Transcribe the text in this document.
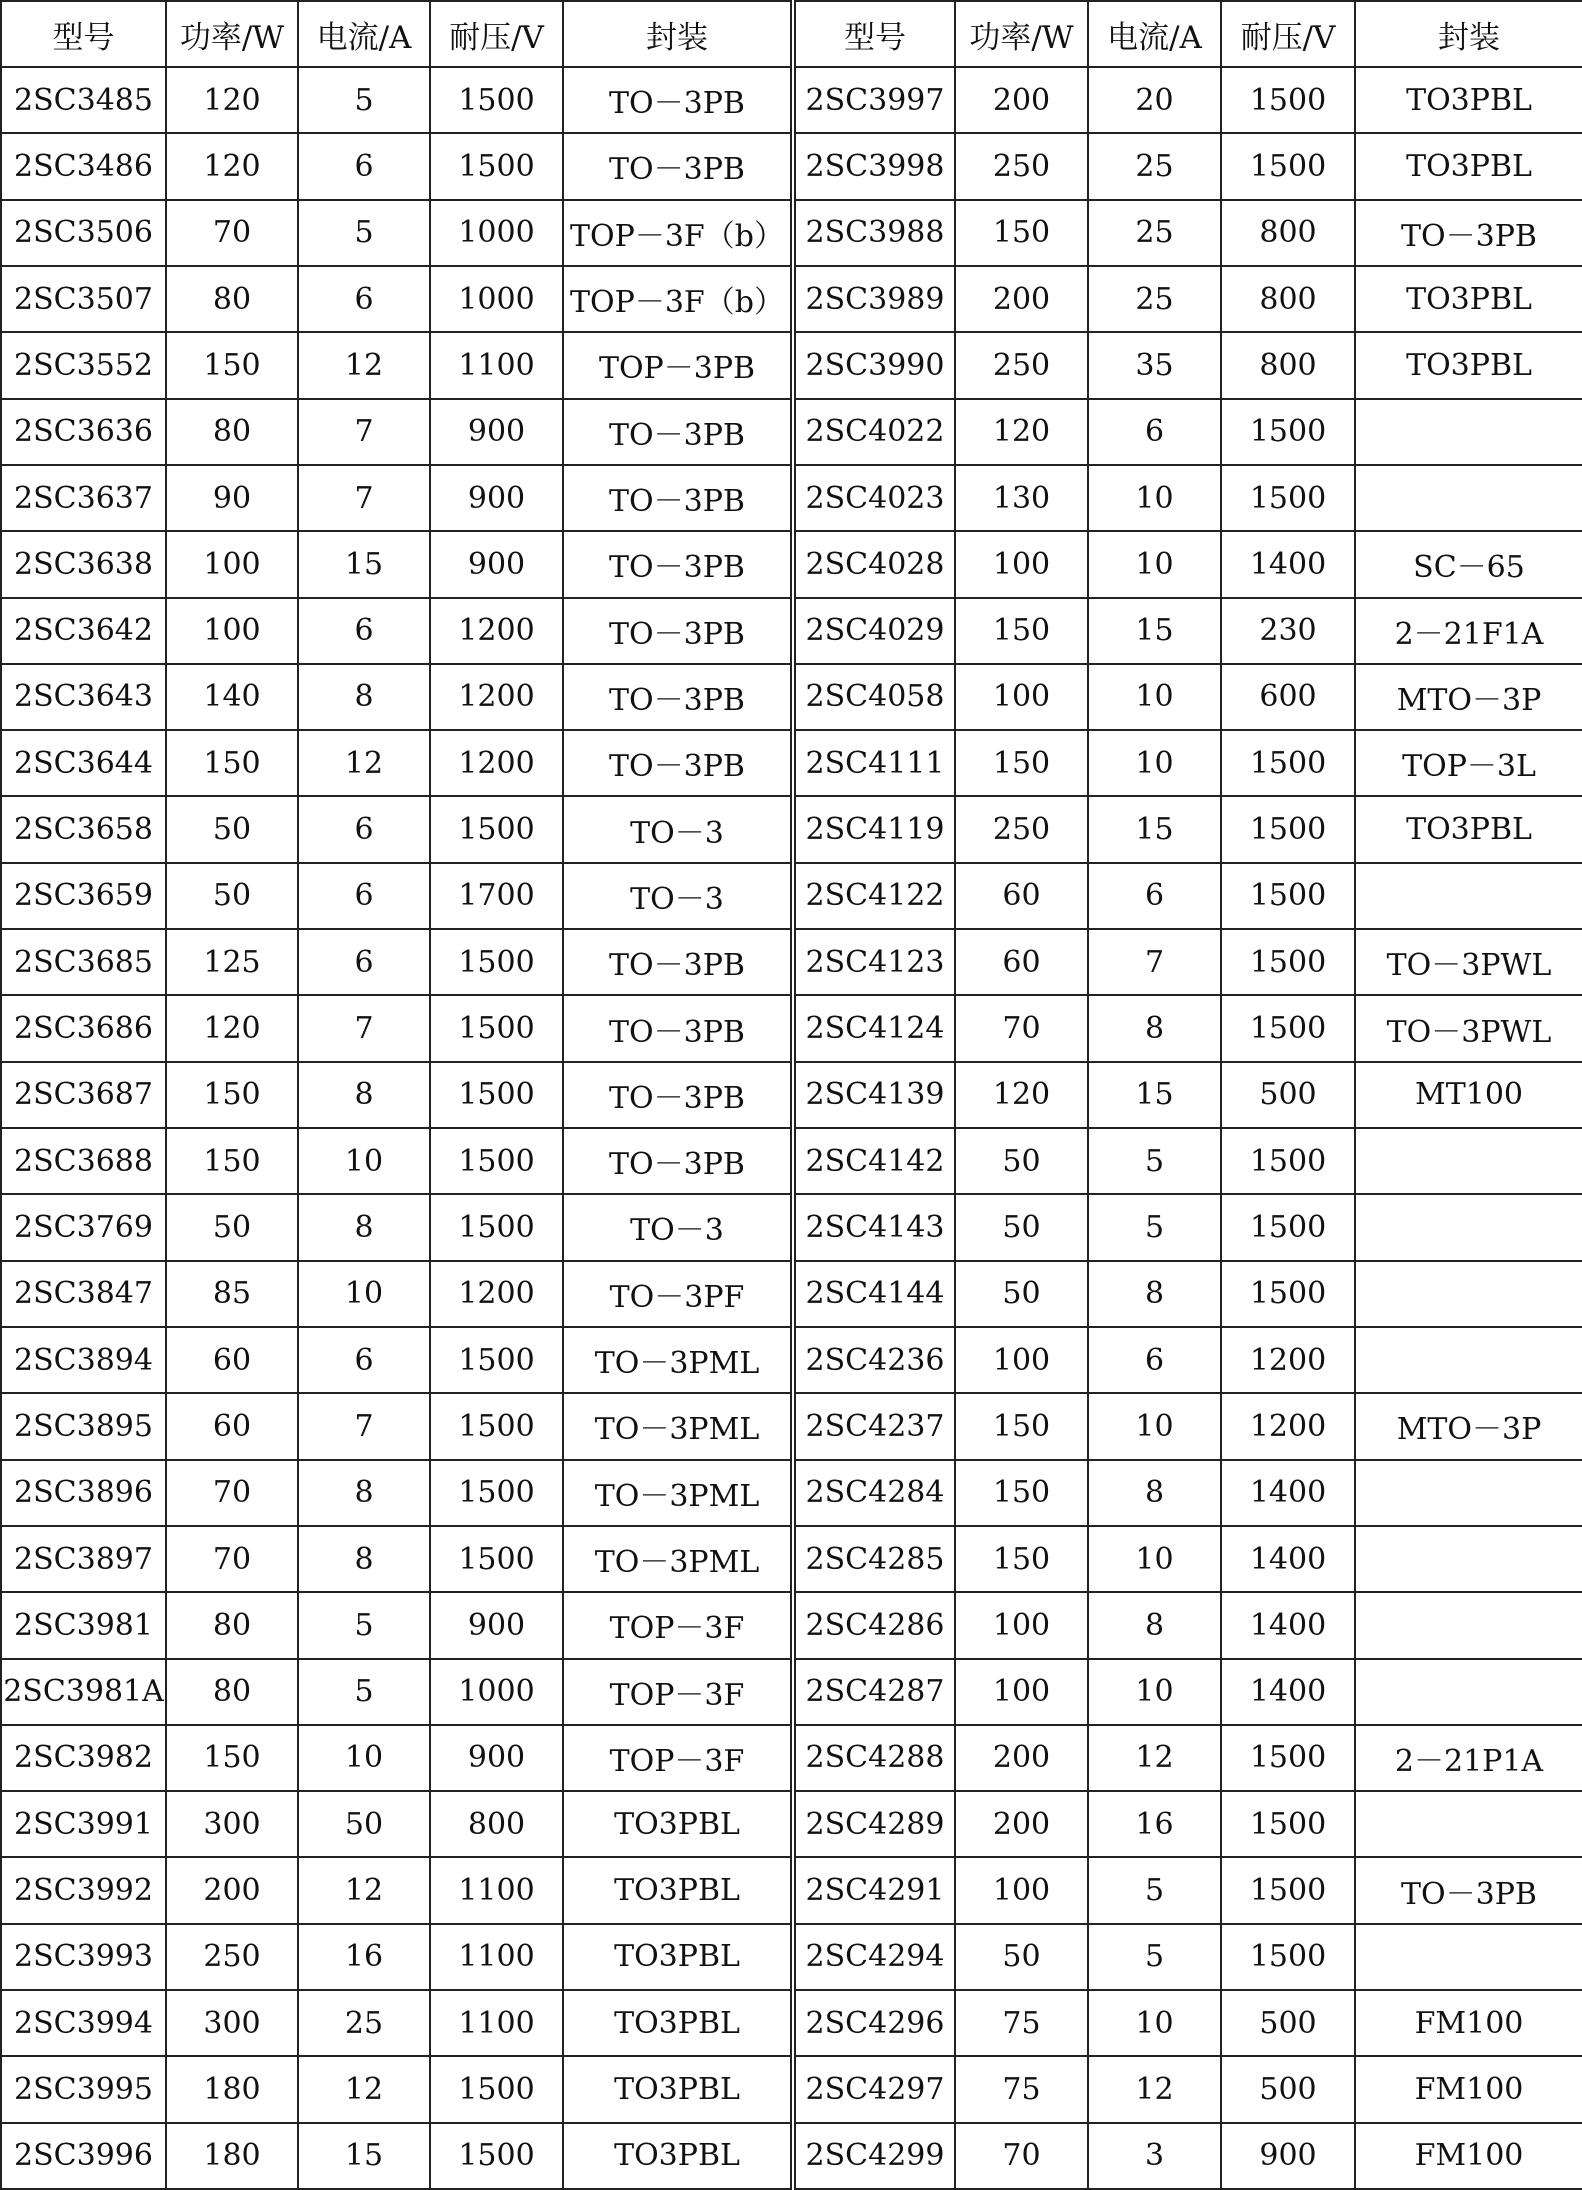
型号	功率/W	电流/A	耐压/V	封装	型号	功率/W	电流/A	耐压/V	封装
2SC3485	120	5	1500	TO－3PB	2SC3997	200	20	1500	TO3PBL
2SC3486	120	6	1500	TO－3PB	2SC3998	250	25	1500	TO3PBL
2SC3506	70	5	1000	TOP－3F（b）	2SC3988	150	25	800	TO－3PB
2SC3507	80	6	1000	TOP－3F（b）	2SC3989	200	25	800	TO3PBL
2SC3552	150	12	1100	TOP－3PB	2SC3990	250	35	800	TO3PBL
2SC3636	80	7	900	TO－3PB	2SC4022	120	6	1500	
2SC3637	90	7	900	TO－3PB	2SC4023	130	10	1500	
2SC3638	100	15	900	TO－3PB	2SC4028	100	10	1400	SC－65
2SC3642	100	6	1200	TO－3PB	2SC4029	150	15	230	2－21F1A
2SC3643	140	8	1200	TO－3PB	2SC4058	100	10	600	MTO－3P
2SC3644	150	12	1200	TO－3PB	2SC4111	150	10	1500	TOP－3L
2SC3658	50	6	1500	TO－3	2SC4119	250	15	1500	TO3PBL
2SC3659	50	6	1700	TO－3	2SC4122	60	6	1500	
2SC3685	125	6	1500	TO－3PB	2SC4123	60	7	1500	TO－3PWL
2SC3686	120	7	1500	TO－3PB	2SC4124	70	8	1500	TO－3PWL
2SC3687	150	8	1500	TO－3PB	2SC4139	120	15	500	MT100
2SC3688	150	10	1500	TO－3PB	2SC4142	50	5	1500	
2SC3769	50	8	1500	TO－3	2SC4143	50	5	1500	
2SC3847	85	10	1200	TO－3PF	2SC4144	50	8	1500	
2SC3894	60	6	1500	TO－3PML	2SC4236	100	6	1200	
2SC3895	60	7	1500	TO－3PML	2SC4237	150	10	1200	MTO－3P
2SC3896	70	8	1500	TO－3PML	2SC4284	150	8	1400	
2SC3897	70	8	1500	TO－3PML	2SC4285	150	10	1400	
2SC3981	80	5	900	TOP－3F	2SC4286	100	8	1400	
2SC3981A	80	5	1000	TOP－3F	2SC4287	100	10	1400	
2SC3982	150	10	900	TOP－3F	2SC4288	200	12	1500	2－21P1A
2SC3991	300	50	800	TO3PBL	2SC4289	200	16	1500	
2SC3992	200	12	1100	TO3PBL	2SC4291	100	5	1500	TO－3PB
2SC3993	250	16	1100	TO3PBL	2SC4294	50	5	1500	
2SC3994	300	25	1100	TO3PBL	2SC4296	75	10	500	FM100
2SC3995	180	12	1500	TO3PBL	2SC4297	75	12	500	FM100
2SC3996	180	15	1500	TO3PBL	2SC4299	70	3	900	FM100
